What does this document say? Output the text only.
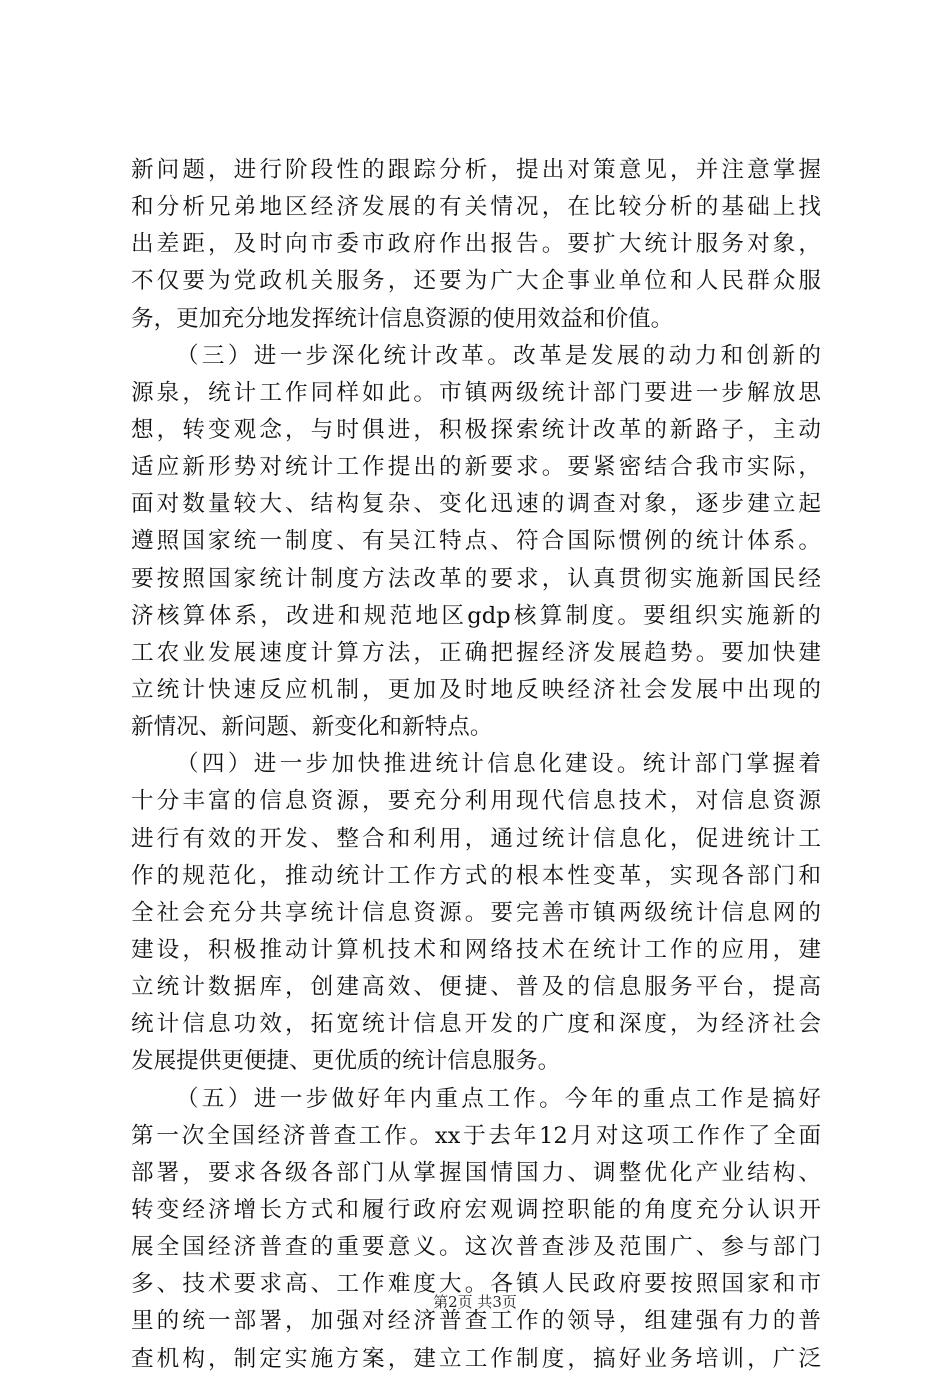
新问题，进行阶段性的跟踪分析，提出对策意见，并注意掌握
和分析兄弟地区经济发展的有关情况，在比较分析的基础上找
出差距，及时向市委市政府作出报告。要扩大统计服务对象，
不仅要为党政机关服务，还要为广大企事业单位和人民群众服
务，更加充分地发挥统计信息资源的使用效益和价值。
（三）进一步深化统计改革。改革是发展的动力和创新的
源泉，统计工作同样如此。市镇两级统计部门要进一步解放思
想，转变观念，与时俱进，积极探索统计改革的新路子，主动
适应新形势对统计工作提出的新要求。要紧密结合我市实际，
面对数量较大、结构复杂、变化迅速的调查对象，逐步建立起
遵照国家统一制度、有吴江特点、符合国际惯例的统计体系。
要按照国家统计制度方法改革的要求，认真贯彻实施新国民经
济核算体系，改进和规范地区gdp核算制度。要组织实施新的
工农业发展速度计算方法，正确把握经济发展趋势。要加快建
立统计快速反应机制，更加及时地反映经济社会发展中出现的
新情况、新问题、新变化和新特点。
（四）进一步加快推进统计信息化建设。统计部门掌握着
十分丰富的信息资源，要充分利用现代信息技术，对信息资源
进行有效的开发、整合和利用，通过统计信息化，促进统计工
作的规范化，推动统计工作方式的根本性变革，实现各部门和
全社会充分共享统计信息资源。要完善市镇两级统计信息网的
建设，积极推动计算机技术和网络技术在统计工作的应用，建
立统计数据库，创建高效、便捷、普及的信息服务平台，提高
统计信息功效，拓宽统计信息开发的广度和深度，为经济社会
发展提供更便捷、更优质的统计信息服务。
（五）进一步做好年内重点工作。今年的重点工作是搞好
第一次全国经济普查工作。xx于去年12月对这项工作作了全面
部署，要求各级各部门从掌握国情国力、调整优化产业结构、
转变经济增长方式和履行政府宏观调控职能的角度充分认识开
展全国经济普查的重要意义。这次普查涉及范围广、参与部门
多、技术要求高、工作难度大。各镇人民政府要按照国家和市
里的统一部署，加强对经济普查工作的领导，组建强有力的普
查机构，制定实施方案，建立工作制度，搞好业务培训，广泛
第2页 共3页
